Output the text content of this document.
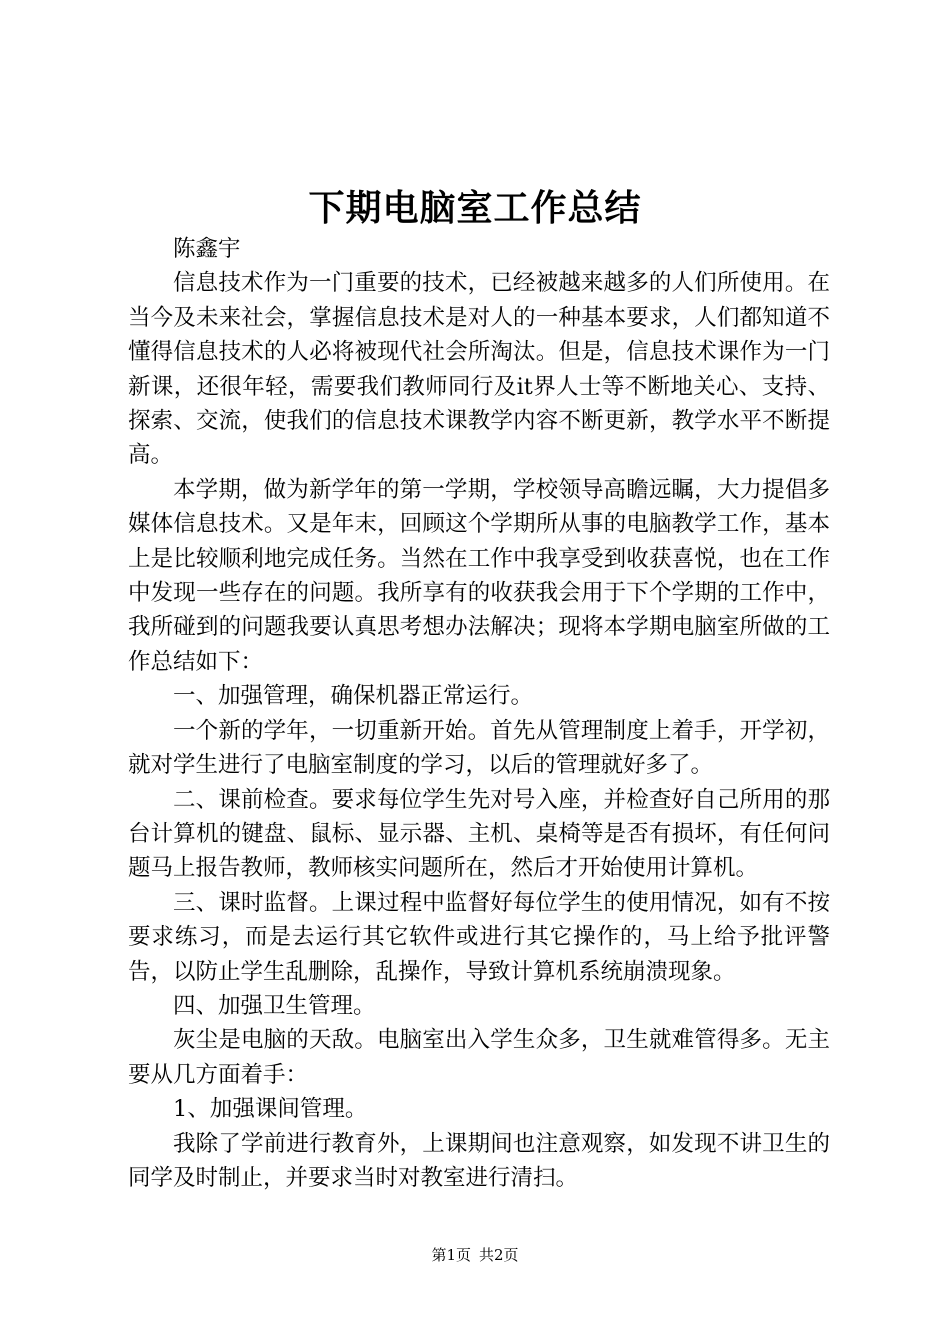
下期电脑室工作总结

陈鑫宇

信息技术作为一门重要的技术，已经被越来越多的人们所使用。在当今及未来社会，掌握信息技术是对人的一种基本要求，人们都知道不懂得信息技术的人必将被现代社会所淘汰。但是，信息技术课作为一门新课，还很年轻，需要我们教师同行及it界人士等不断地关心、支持、探索、交流，使我们的信息技术课教学内容不断更新，教学水平不断提高。

本学期，做为新学年的第一学期，学校领导高瞻远瞩，大力提倡多媒体信息技术。又是年末，回顾这个学期所从事的电脑教学工作，基本上是比较顺利地完成任务。当然在工作中我享受到收获喜悦，也在工作中发现一些存在的问题。我所享有的收获我会用于下个学期的工作中，我所碰到的问题我要认真思考想办法解决；现将本学期电脑室所做的工作总结如下：

一、加强管理，确保机器正常运行。

一个新的学年，一切重新开始。首先从管理制度上着手，开学初，就对学生进行了电脑室制度的学习，以后的管理就好多了。

二、课前检查。要求每位学生先对号入座，并检查好自己所用的那台计算机的键盘、鼠标、显示器、主机、桌椅等是否有损坏，有任何问题马上报告教师，教师核实问题所在，然后才开始使用计算机。

三、课时监督。上课过程中监督好每位学生的使用情况，如有不按要求练习，而是去运行其它软件或进行其它操作的，马上给予批评警告，以防止学生乱删除，乱操作，导致计算机系统崩溃现象。

四、加强卫生管理。

灰尘是电脑的天敌。电脑室出入学生众多，卫生就难管得多。无主要从几方面着手：

1、加强课间管理。

我除了学前进行教育外，上课期间也注意观察，如发现不讲卫生的同学及时制止，并要求当时对教室进行清扫。

第1页 共2页
